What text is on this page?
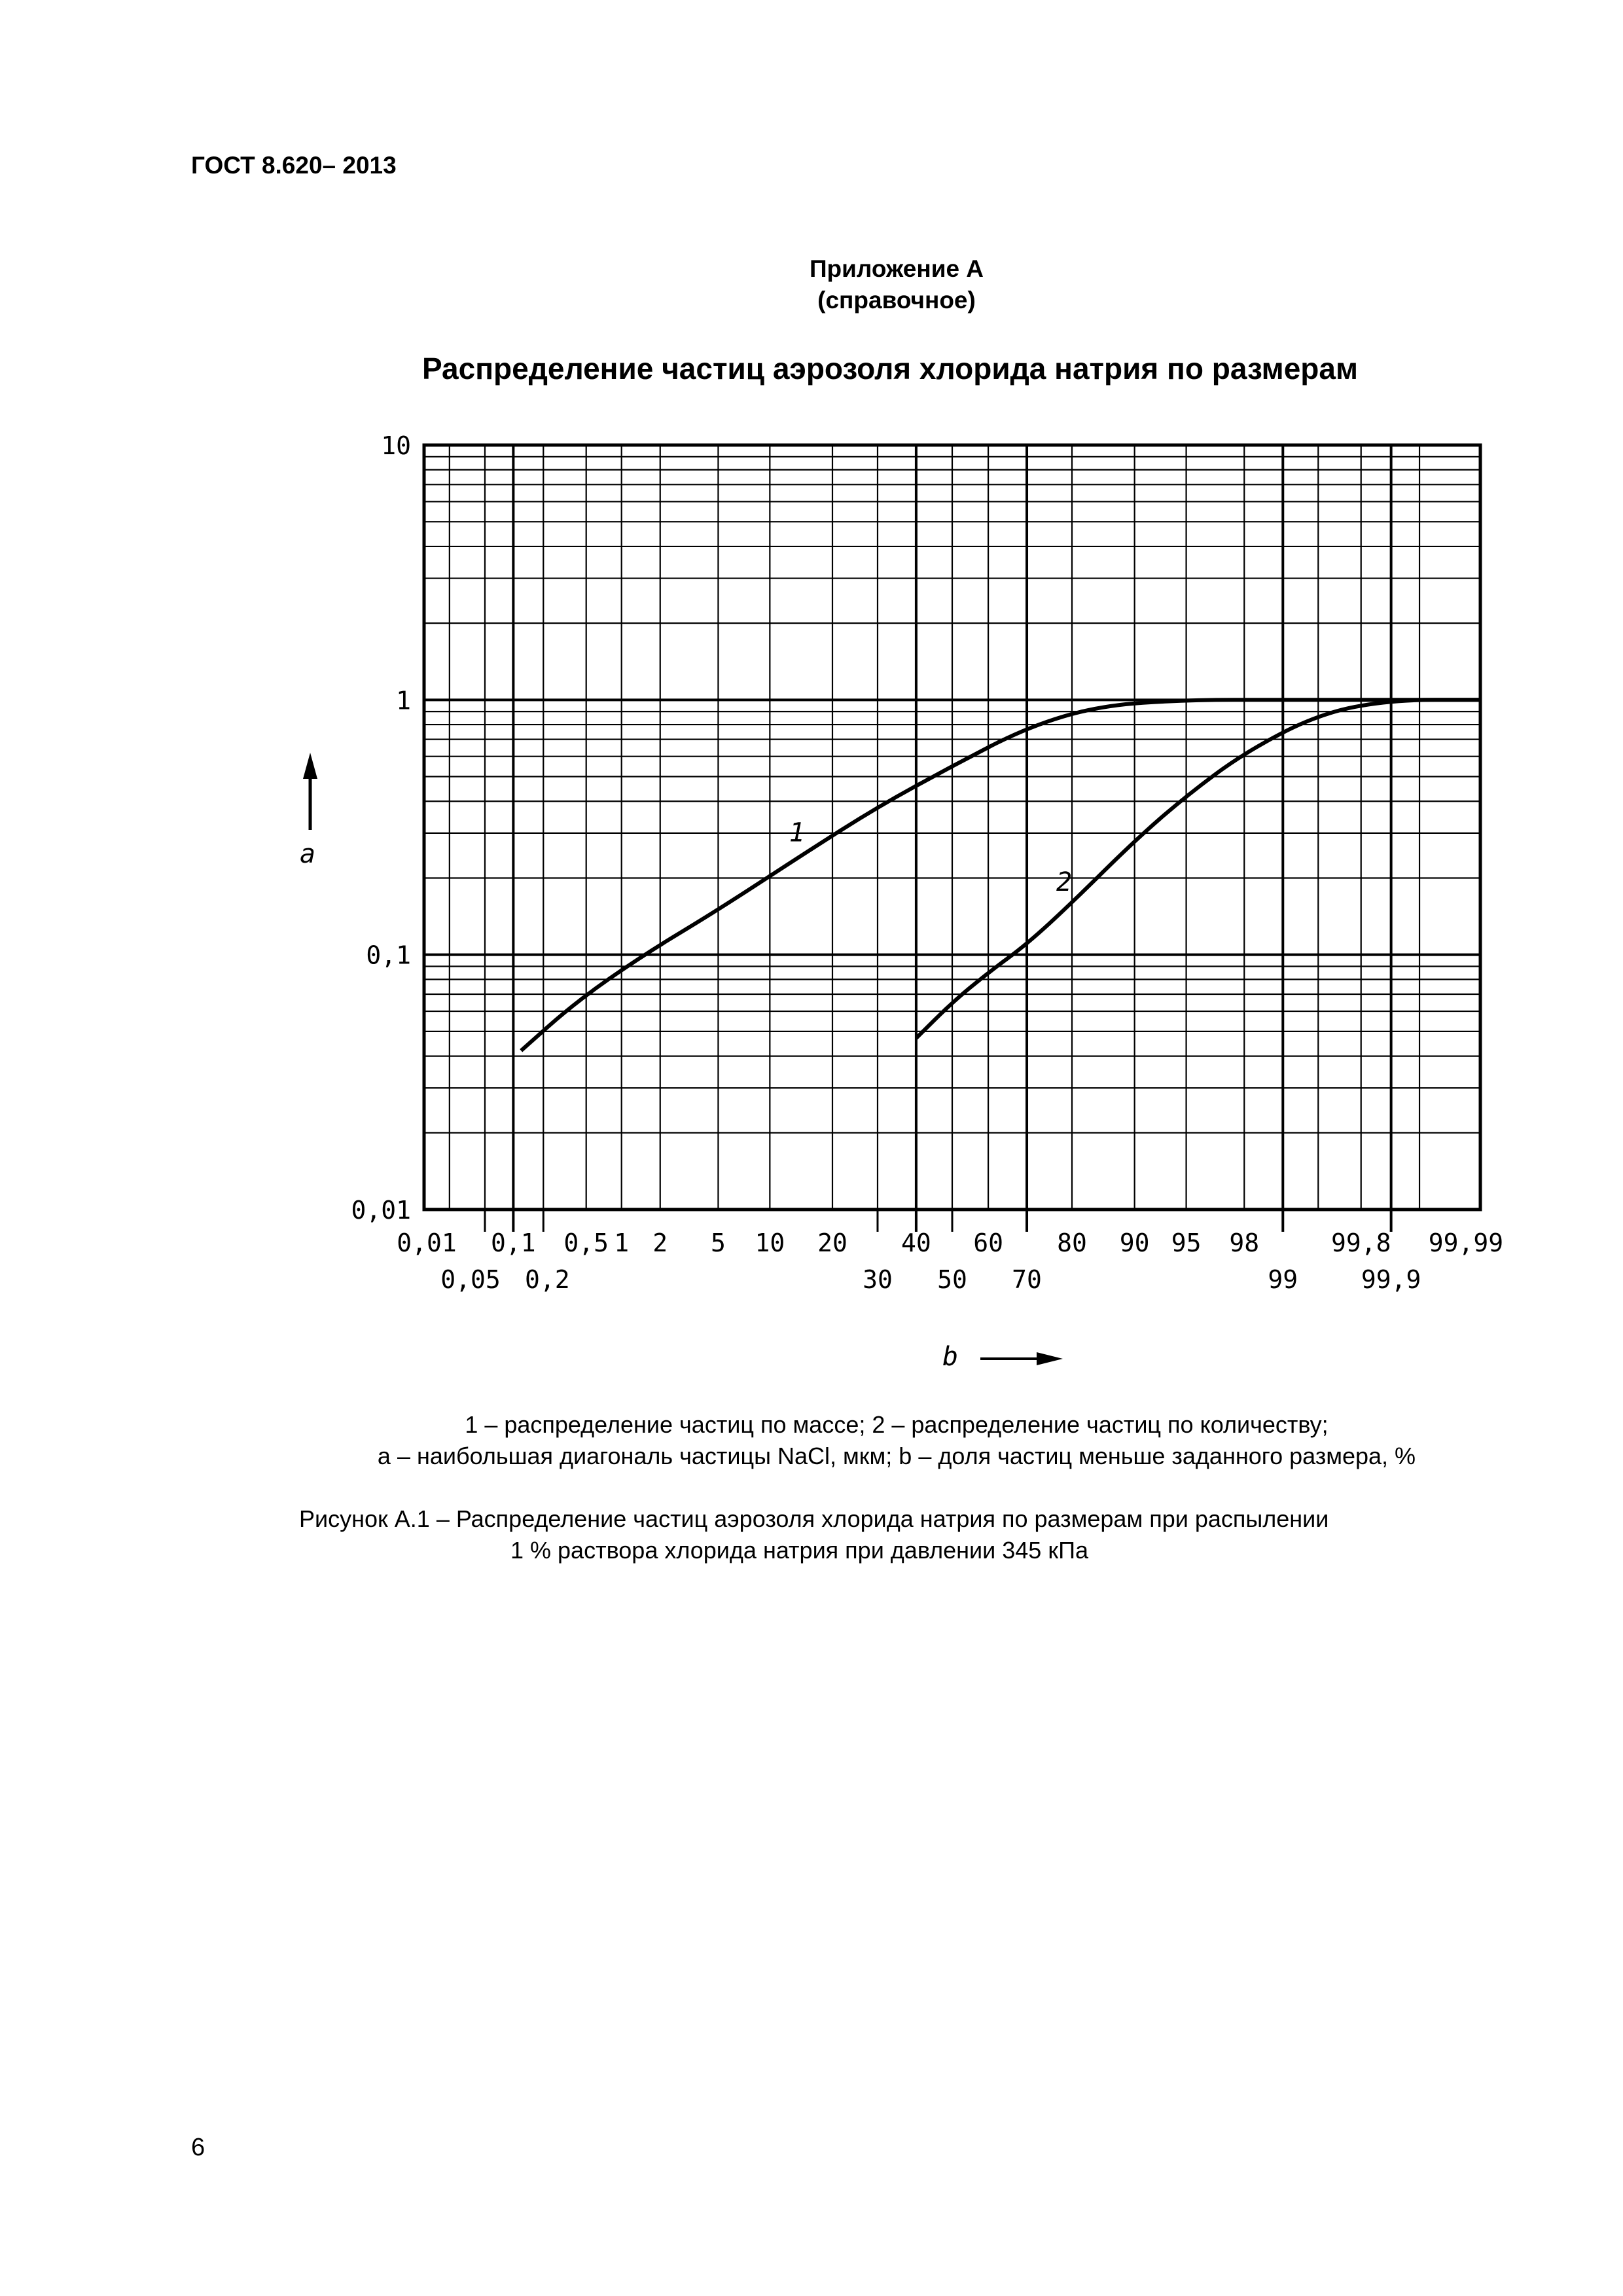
ГОСТ 8.620– 2013
Приложение А
(справочное)
Распределение частиц аэрозоля хлорида натрия по размерам
10
1
0,1
0,01
0,01 0,1 0,5 1 2 5 10 20 40 60 80 90 95 98	99,8 99,99
0,05 0,2	30 50 70	99	99,9
a
b
1
2
1 – распределение частиц по массе; 2 – распределение частиц по количеству;
а – наибольшая диагональ частицы NaCl, мкм; b – доля частиц меньше заданного размера, %
Рисунок А.1 – Распределение частиц аэрозоля хлорида натрия по размерам при распылении
1 % раствора хлорида натрия при давлении 345 кПа
6
